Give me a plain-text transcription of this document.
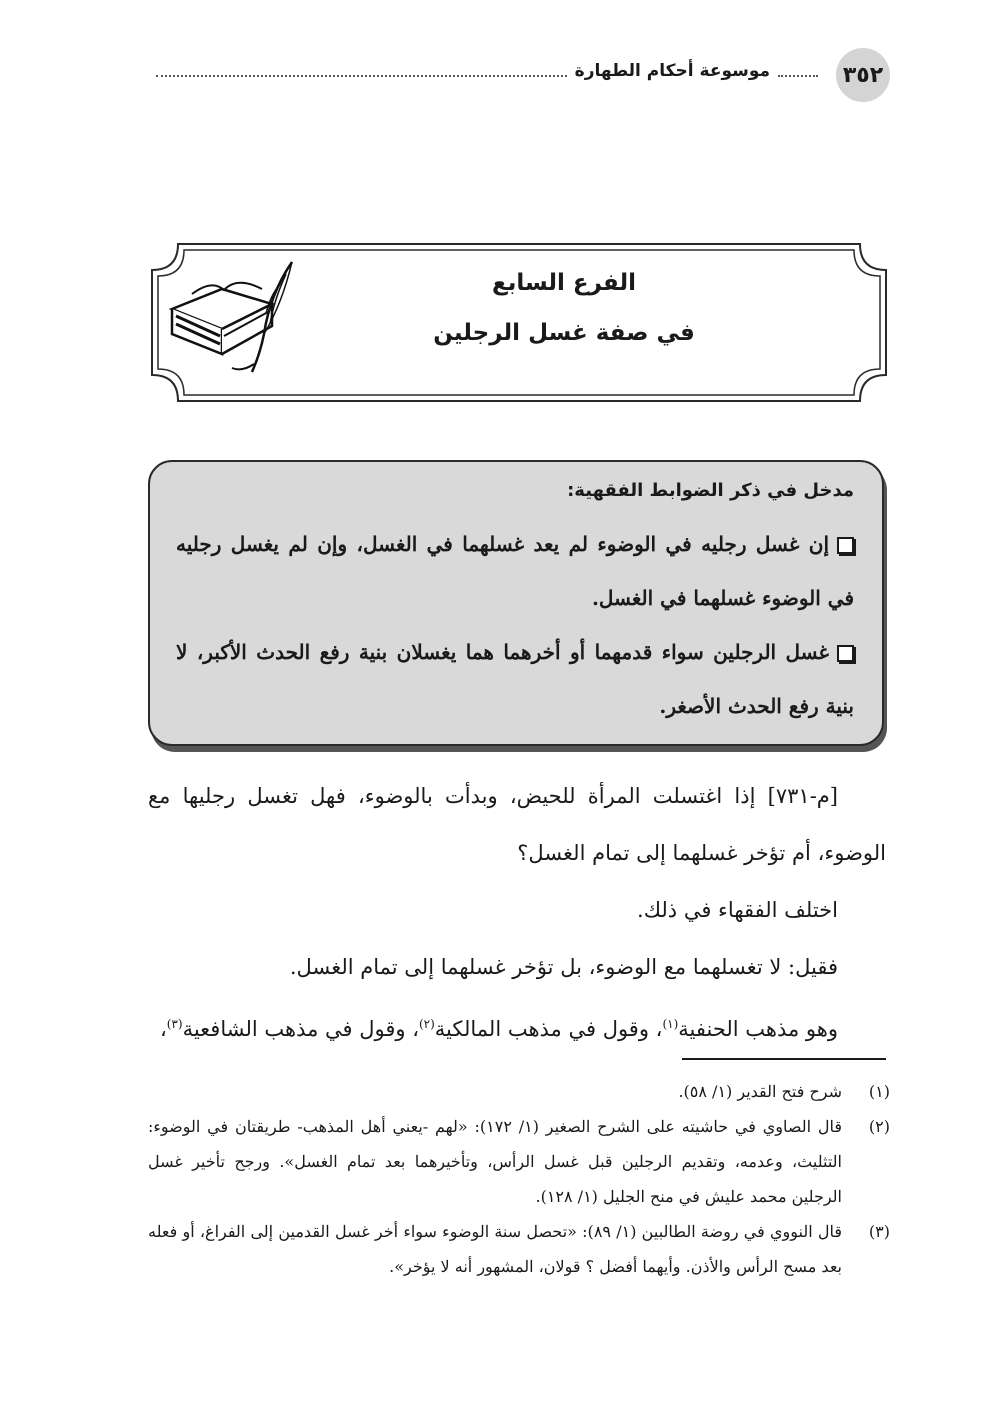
٣٥٢
موسوعة أحكام الطهارة
الفرع السابع
في صفة غسل الرجلين
مدخل في ذكر الضوابط الفقهية:
إن غسل رجليه في الوضوء لم يعد غسلهما في الغسل، وإن لم يغسل رجليه في الوضوء غسلهما في الغسل.
غسل الرجلين سواء قدمهما أو أخرهما هما يغسلان بنية رفع الحدث الأكبر، لا بنية رفع الحدث الأصغر.

[م-٧٣١] إذا اغتسلت المرأة للحيض، وبدأت بالوضوء، فهل تغسل رجليها مع الوضوء، أم تؤخر غسلهما إلى تمام الغسل؟

اختلف الفقهاء في ذلك.

فقيل: لا تغسلهما مع الوضوء، بل تؤخر غسلهما إلى تمام الغسل.

وهو مذهب الحنفية$^{(١)}$، وقول في مذهب المالكية$^{(٢)}$، وقول في مذهب الشافعية$^{(٣)}$،

(١)
شرح فتح القدير (١/ ٥٨).
(٢)
قال الصاوي في حاشيته على الشرح الصغير (١/ ١٧٢): «لهم -يعني أهل المذهب- طريقتان في الوضوء: التثليث، وعدمه، وتقديم الرجلين قبل غسل الرأس، وتأخيرهما بعد تمام الغسل». ورجح تأخير غسل الرجلين محمد عليش في منح الجليل (١/ ١٢٨).
(٣)
قال النووي في روضة الطالبين (١/ ٨٩): «تحصل سنة الوضوء سواء أخر غسل القدمين إلى الفراغ، أو فعله بعد مسح الرأس والأذن. وأيهما أفضل ؟ قولان، المشهور أنه لا يؤخر».
